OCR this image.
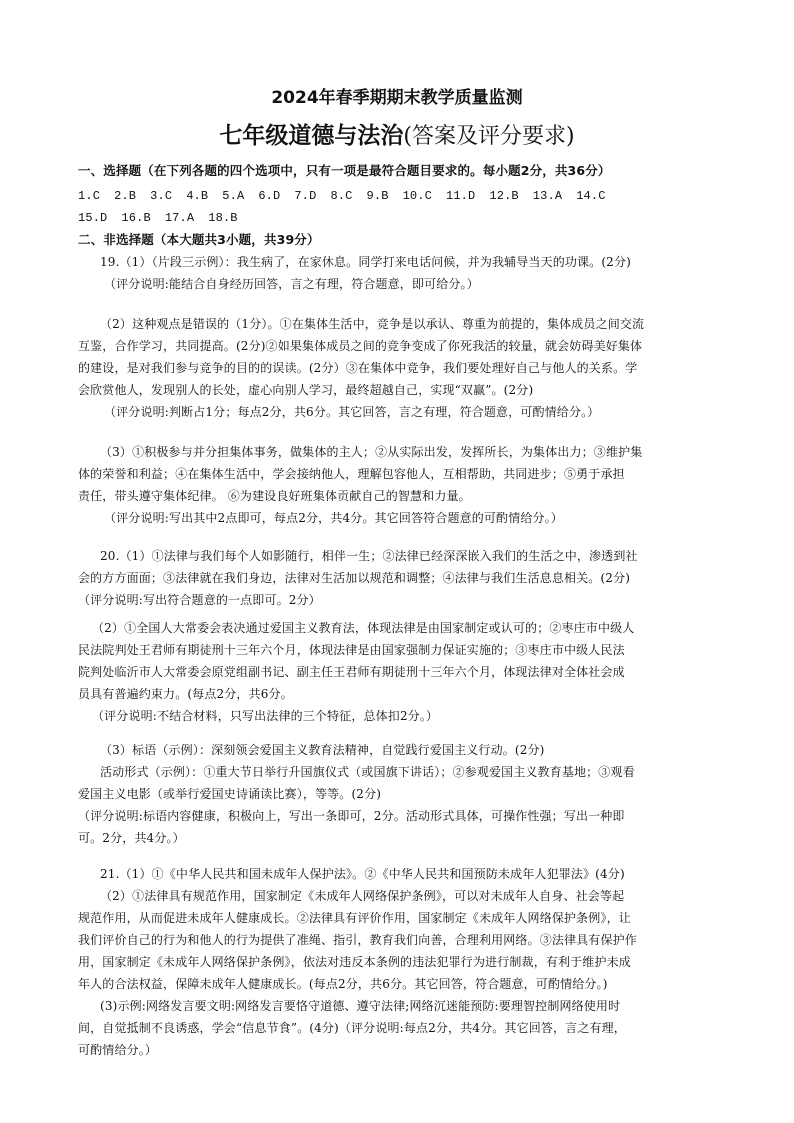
2024年春季期期末教学质量监测
七年级道德与法治(答案及评分要求)
一、选择题（在下列各题的四个选项中，只有一项是最符合题目要求的。每小题2分，共36分）
1.C 2.B 3.C 4.B 5.A 6.D 7.D 8.C 9.B 10.C 11.D 12.B 13.A 14.C
15.D 16.B 17.A 18.B
二、非选择题（本大题共3小题，共39分）
19.（1）（片段三示例）：我生病了，在家休息。同学打来电话问候，并为我辅导当天的功课。(2分)
（评分说明:能结合自身经历回答，言之有理，符合题意，即可给分。）
（2）这种观点是错误的（1分）。①在集体生活中，竞争是以承认、尊重为前提的，集体成员之间交流
互鉴，合作学习，共同提高。(2分)②如果集体成员之间的竞争变成了你死我活的较量，就会妨碍美好集体
的建设，是对我们参与竞争的目的的误读。(2分）③在集体中竞争，我们要处理好自己与他人的关系。学
会欣赏他人，发现别人的长处，虚心向别人学习，最终超越自己，实现“双赢”。(2分)
（评分说明:判断占1分；每点2分，共6分。其它回答，言之有理，符合题意，可酌情给分。）
（3）①积极参与并分担集体事务，做集体的主人；②从实际出发，发挥所长，为集体出力；③维护集
体的荣誉和利益；④在集体生活中，学会接纳他人，理解包容他人，互相帮助，共同进步；⑤勇于承担
责任，带头遵守集体纪律。 ⑥为建设良好班集体贡献自己的智慧和力量。
（评分说明:写出其中2点即可，每点2分，共4分。其它回答符合题意的可酌情给分。）
20.（1）①法律与我们每个人如影随行，相伴一生；②法律已经深深嵌入我们的生活之中，渗透到社
会的方方面面；③法律就在我们身边，法律对生活加以规范和调整；④法律与我们生活息息相关。(2分)
（评分说明:写出符合题意的一点即可。2分）
（2）①全国人大常委会表决通过爱国主义教育法，体现法律是由国家制定或认可的；②枣庄市中级人
民法院判处王君师有期徒刑十三年六个月，体现法律是由国家强制力保证实施的；③枣庄市中级人民法
院判处临沂市人大常委会原党组副书记、副主任王君师有期徒刑十三年六个月，体现法律对全体社会成
员具有普遍约束力。(每点2分，共6分。
（评分说明:不结合材料，只写出法律的三个特征，总体扣2分。）
（3）标语（示例）：深刻领会爱国主义教育法精神，自觉践行爱国主义行动。(2分)
活动形式（示例）：①重大节日举行升国旗仪式（或国旗下讲话）；②参观爱国主义教育基地；③观看
爱国主义电影（或举行爱国史诗诵读比赛），等等。(2分)
（评分说明:标语内容健康，积极向上，写出一条即可，2分。活动形式具体，可操作性强；写出一种即
可。2分，共4分。）
21.（1）①《中华人民共和国未成年人保护法》。②《中华人民共和国预防未成年人犯罪法》(4分)
（2）①法律具有规范作用，国家制定《未成年人网络保护条例》，可以对未成年人自身、社会等起
规范作用，从而促进未成年人健康成长。②法律具有评价作用，国家制定《未成年人网络保护条例》，让
我们评价自己的行为和他人的行为提供了准绳、指引，教育我们向善，合理利用网络。③法律具有保护作
用，国家制定《未成年人网络保护条例》，依法对违反本条例的违法犯罪行为进行制裁，有利于维护未成
年人的合法权益，保障未成年人健康成长。(每点2分，共6分。其它回答，符合题意，可酌情给分。)
(3)示例:网络发言要文明:网络发言要恪守道德、遵守法律;网络沉迷能预防:要理智控制网络使用时
间，自觉抵制不良诱惑，学会“信息节食”。(4分)（评分说明:每点2分，共4分。其它回答，言之有理，
可酌情给分。）
